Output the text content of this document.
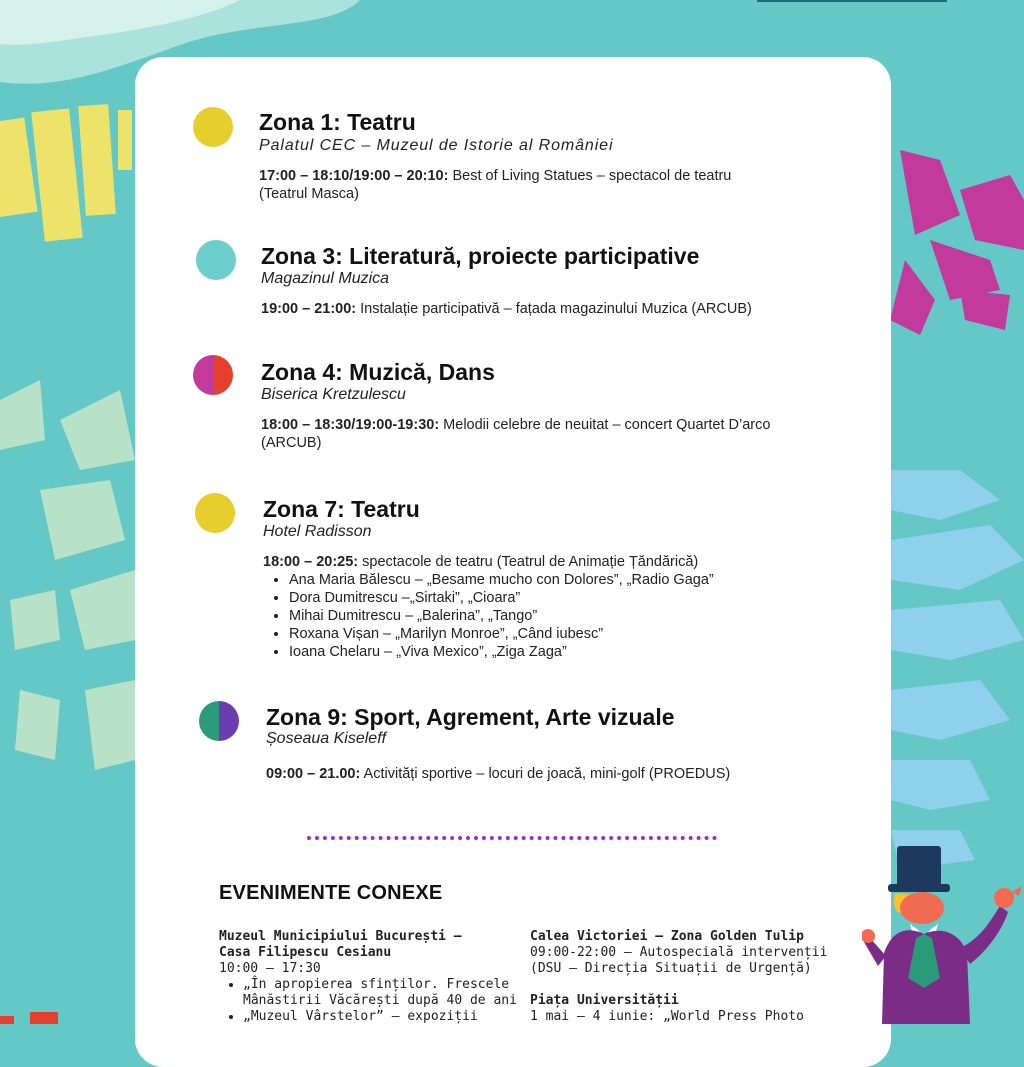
Zona 1: Teatru
Palatul CEC – Muzeul de Istorie al României
17:00 – 18:10/19:00 – 20:10: Best of Living Statues – spectacol de teatru
(Teatrul Masca)
Zona 3: Literatură, proiecte participative
Magazinul Muzica
19:00 – 21:00: Instalație participativă – fațada magazinului Muzica (ARCUB)
Zona 4: Muzică, Dans
Biserica Kretzulescu
18:00 – 18:30/19:00-19:30: Melodii celebre de neuitat – concert Quartet D’arco
(ARCUB)
Zona 7: Teatru
Hotel Radisson
18:00 – 20:25: spectacole de teatru (Teatrul de Animație Țăndărică)
• Ana Maria Bălescu – „Besame mucho con Dolores”, „Radio Gaga”
• Dora Dumitrescu –„Sirtaki”, „Cioara”
• Mihai Dumitrescu – „Balerina”, „Tango”
• Roxana Vișan – „Marilyn Monroe”, „Când iubesc”
• Ioana Chelaru – „Viva Mexico”, „Ziga Zaga”
Zona 9: Sport, Agrement, Arte vizuale
Șoseaua Kiseleff
09:00 – 21.00: Activități sportive – locuri de joacă, mini-golf (PROEDUS)
EVENIMENTE CONEXE
Muzeul Municipiului București –
Casa Filipescu Cesianu
10:00 – 17:30
• „În apropierea sfinților. Frescele
Mânăstirii Văcărești după 40 de ani
• „Muzeul Vârstelor” – expoziții
Calea Victoriei – Zona Golden Tulip
09:00-22:00 – Autospecială intervenții
(DSU – Direcția Situații de Urgență)
Piața Universității
1 mai – 4 iunie: „World Press Photo
